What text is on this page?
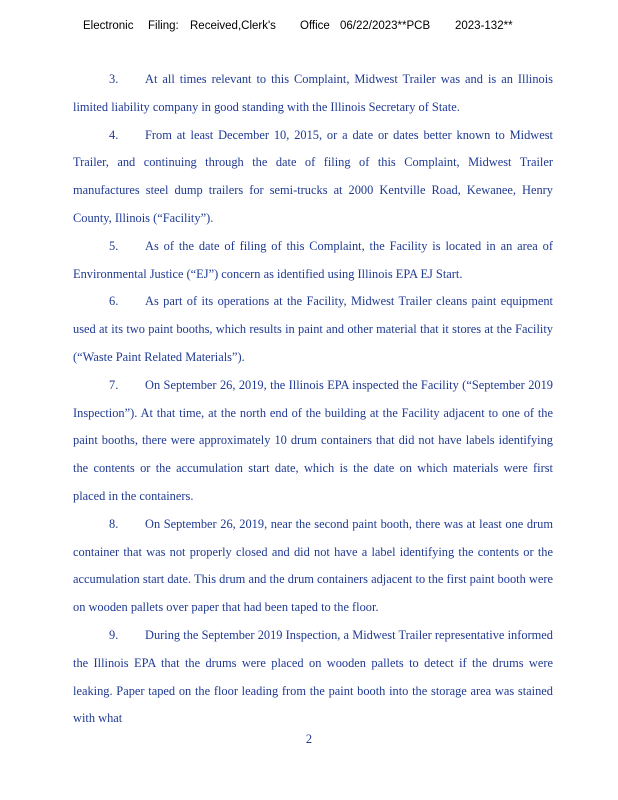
Electronic Filing: Received,Clerk's Office 06/22/2023**PCB 2023-132**

3. At all times relevant to this Complaint, Midwest Trailer was and is an Illinois limited liability company in good standing with the Illinois Secretary of State.

4. From at least December 10, 2015, or a date or dates better known to Midwest Trailer, and continuing through the date of filing of this Complaint, Midwest Trailer manufactures steel dump trailers for semi-trucks at 2000 Kentville Road, Kewanee, Henry County, Illinois (“Facility”).

5. As of the date of filing of this Complaint, the Facility is located in an area of Environmental Justice (“EJ”) concern as identified using Illinois EPA EJ Start.

6. As part of its operations at the Facility, Midwest Trailer cleans paint equipment used at its two paint booths, which results in paint and other material that it stores at the Facility (“Waste Paint Related Materials”).

7. On September 26, 2019, the Illinois EPA inspected the Facility (“September 2019 Inspection”). At that time, at the north end of the building at the Facility adjacent to one of the paint booths, there were approximately 10 drum containers that did not have labels identifying the contents or the accumulation start date, which is the date on which materials were first placed in the containers.

8. On September 26, 2019, near the second paint booth, there was at least one drum container that was not properly closed and did not have a label identifying the contents or the accumulation start date. This drum and the drum containers adjacent to the first paint booth were on wooden pallets over paper that had been taped to the floor.

9. During the September 2019 Inspection, a Midwest Trailer representative informed the Illinois EPA that the drums were placed on wooden pallets to detect if the drums were leaking. Paper taped on the floor leading from the paint booth into the storage area was stained with what

2
